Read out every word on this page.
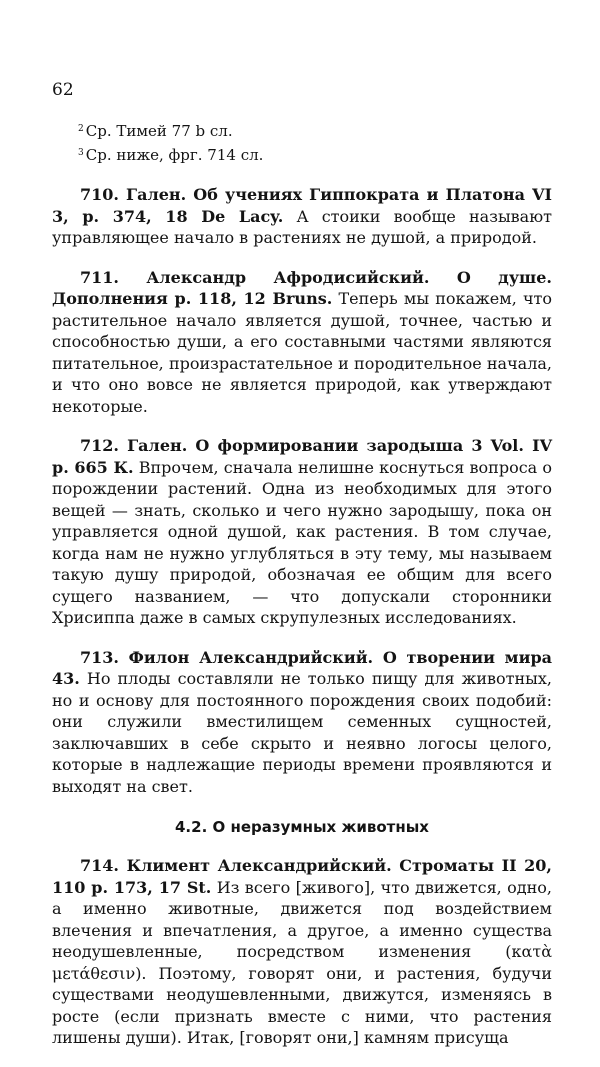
62
$^2$ Ср. Тимей 77 b сл.
$^3$ Ср. ниже, фрг. 714 сл.

710. Гален. Об учениях Гиппократа и Платона VI 3, р. 374, 18 De Lacy. А стоики вообще называют управляющее начало в растениях не душой, а природой.

711. Александр Афродисийский. О душе. Дополнения р. 118, 12 Bruns. Теперь мы покажем, что растительное начало является душой, точнее, частью и способностью души, а его составными частями являются питательное, произрастательное и породительное начала, и что оно вовсе не является природой, как утверждают некоторые.

712. Гален. О формировании зародыша 3 Vol. IV р. 665 К. Впрочем, сначала нелишне коснуться вопроса о порождении растений. Одна из необходимых для этого вещей — знать, сколько и чего нужно зародышу, пока он управляется одной душой, как растения. В том случае, когда нам не нужно углубляться в эту тему, мы называем такую душу природой, обозначая ее общим для всего сущего названием, — что допускали сторонники Хрисиппа даже в самых скрупулезных исследованиях.

713. Филон Александрийский. О творении мира 43. Но плоды составляли не только пищу для животных, но и основу для постоянного порождения своих подобий: они служили вместилищем семенных сущностей, заключавших в себе скрыто и неявно логосы целого, которые в надлежащие периоды времени проявляются и выходят на свет.

4.2. О неразумных животных

714. Климент Александрийский. Строматы II 20, 110 р. 173, 17 St. Из всего [живого], что движется, одно, а именно животные, движется под воздействием влечения и впечатления, а другое, а именно существа неодушевленные, посредством изменения (κατὰ μετάθεσιν). Поэтому, говорят они, и растения, будучи существами неодушевленными, движутся, изменяясь в росте (если признать вместе с ними, что растения лишены души). Итак, [говорят они,] камням присуща
